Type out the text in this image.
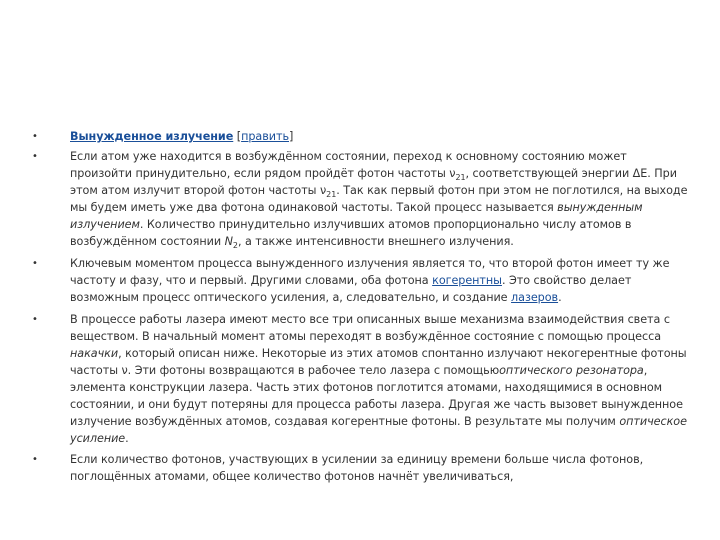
•	Вынужденное излучение [править]
•	Если атом уже находится в возбуждённом состоянии, переход к основному состоянию может произойти принудительно, если рядом пройдёт фотон частоты $\nu_{21}$, соответствующей энергии ΔE. При этом атом излучит второй фотон частоты $\nu_{21}$. Так как первый фотон при этом не поглотился, на выходе мы будем иметь уже два фотона одинаковой частоты. Такой процесс называется вынужденным излучением. Количество принудительно излучивших атомов пропорционально числу атомов в возбуждённом состоянии $N_2$, а также интенсивности внешнего излучения.
•	Ключевым моментом процесса вынужденного излучения является то, что второй фотон имеет ту же частоту и фазу, что и первый. Другими словами, оба фотона когерентны. Это свойство делает возможным процесс оптического усиления, а, следовательно, и создание лазеров.
•	В процессе работы лазера имеют место все три описанных выше механизма взаимодействия света с веществом. В начальный момент атомы переходят в возбуждённое состояние с помощью процесса накачки, который описан ниже. Некоторые из этих атомов спонтанно излучают некогерентные фотоны частоты ν. Эти фотоны возвращаются в рабочее тело лазера с помощьюоптического резонатора, элемента конструкции лазера. Часть этих фотонов поглотится атомами, находящимися в основном состоянии, и они будут потеряны для процесса работы лазера. Другая же часть вызовет вынужденное излучение возбуждённых атомов, создавая когерентные фотоны. В результате мы получим оптическое усиление.
•	Если количество фотонов, участвующих в усилении за единицу времени больше числа фотонов, поглощённых атомами, общее количество фотонов начнёт увеличиваться,
